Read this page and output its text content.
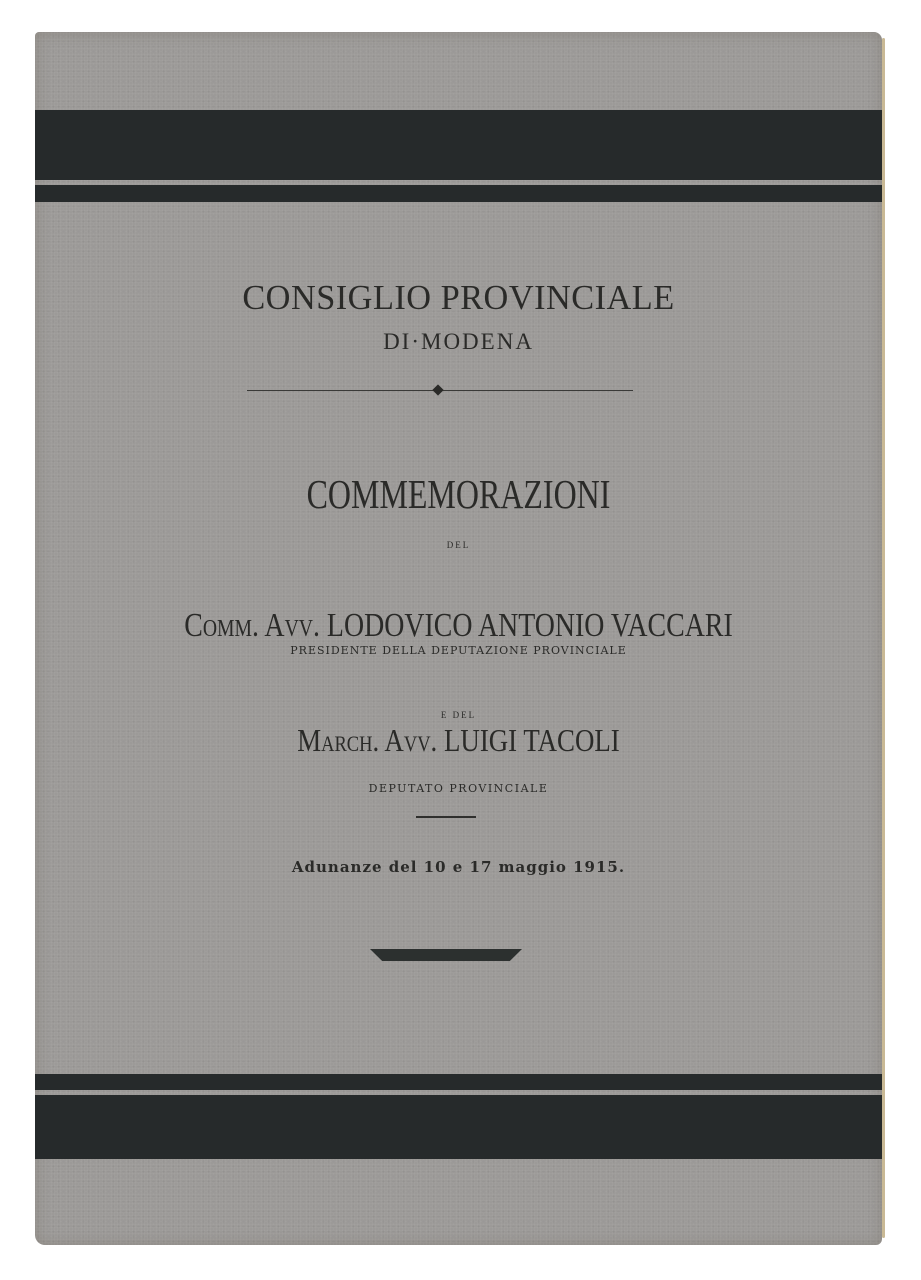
CONSIGLIO PROVINCIALE
DI·MODENA
COMMEMORAZIONI
DEL
Comm. Avv. LODOVICO ANTONIO VACCARI
PRESIDENTE DELLA DEPUTAZIONE PROVINCIALE
E DEL
March. Avv. LUIGI TACOLI
DEPUTATO PROVINCIALE
Adunanze del 10 e 17 maggio 1915.
